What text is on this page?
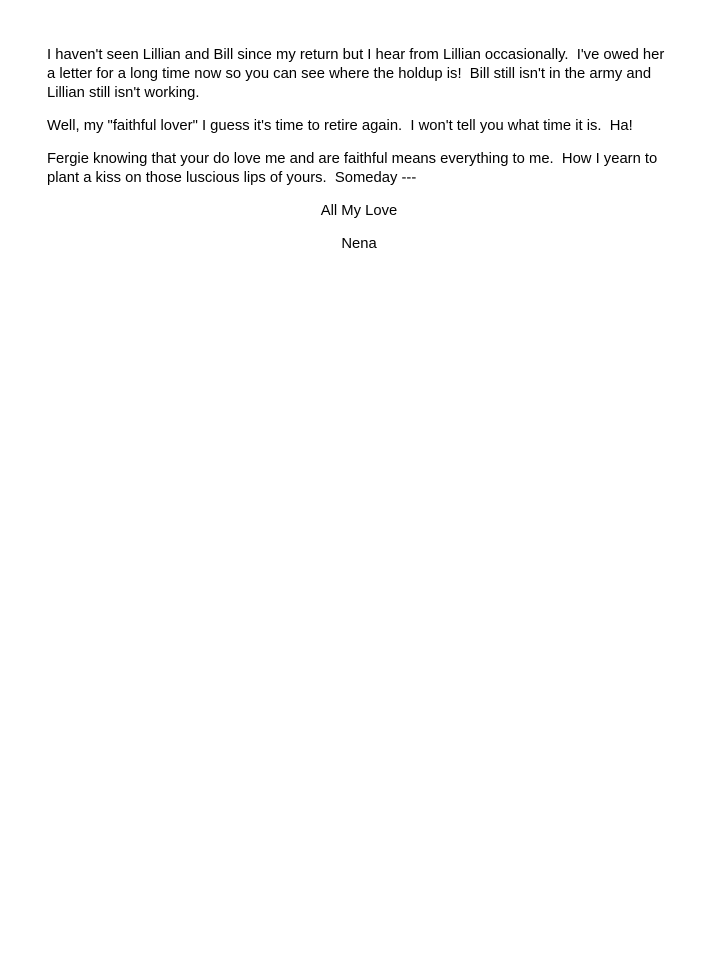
I haven't seen Lillian and Bill since my return but I hear from Lillian occasionally.  I've owed her a letter for a long time now so you can see where the holdup is!  Bill still isn't in the army and Lillian still isn't working.

Well, my "faithful lover" I guess it's time to retire again.  I won't tell you what time it is.  Ha!

Fergie knowing that your do love me and are faithful means everything to me.  How I yearn to plant a kiss on those luscious lips of yours.  Someday ---

All My Love

Nena
